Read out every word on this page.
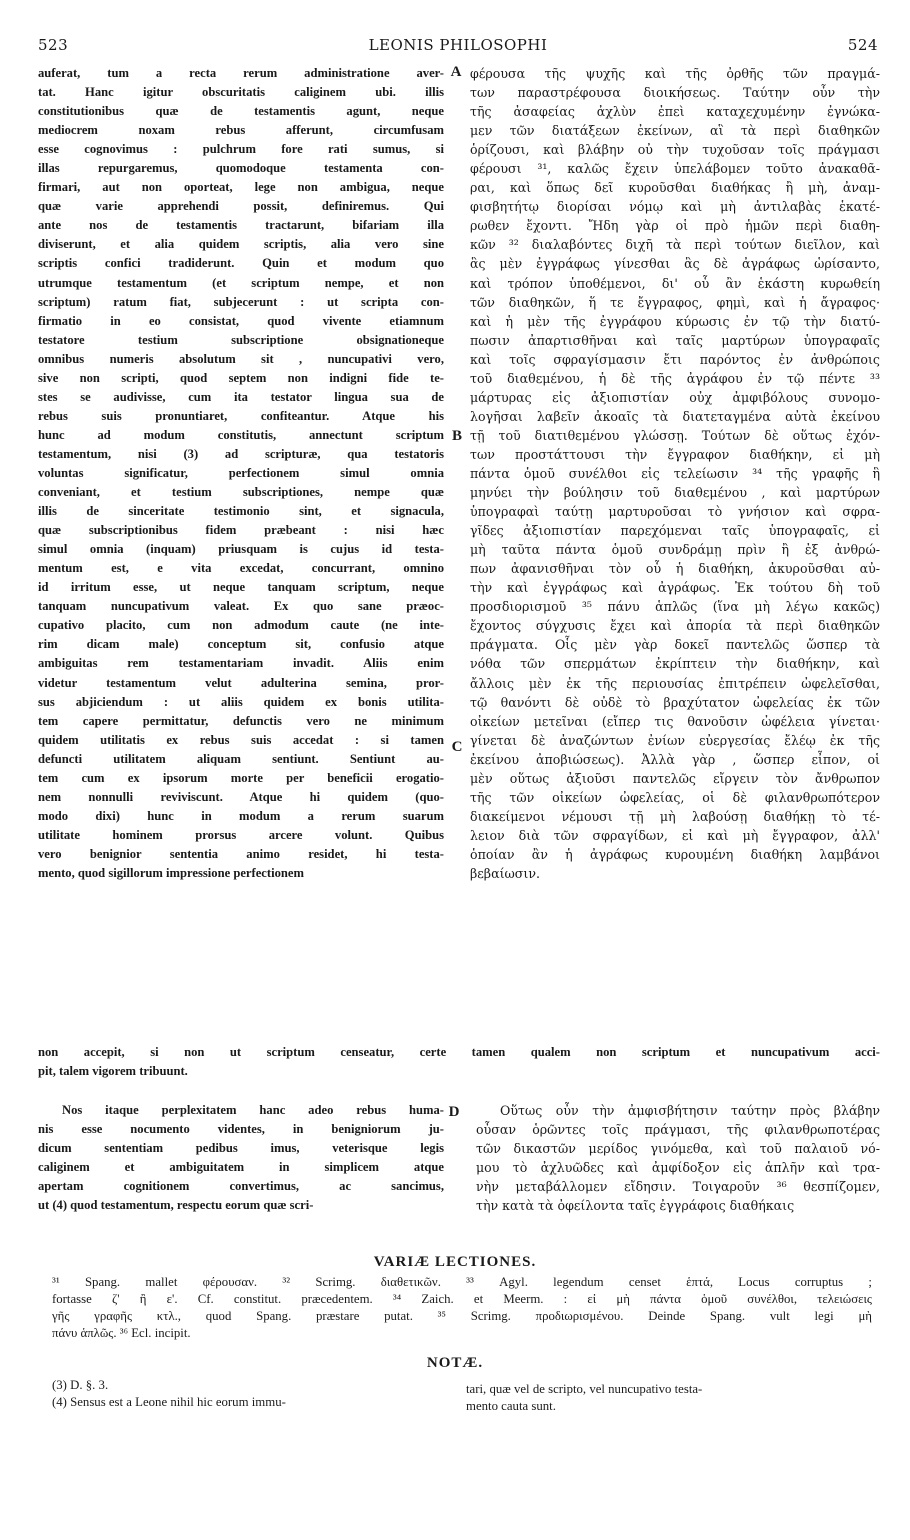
523	LEONIS PHILOSOPHI	524
A
B
C
D
auferat, tum a recta rerum administratione aver-
tat. Hanc igitur obscuritatis caliginem ubi. illis
constitutionibus quæ de testamentis agunt, neque
mediocrem noxam rebus afferunt, circumfusam
esse cognovimus : pulchrum fore rati sumus, si
illas repurgaremus, quomodoque testamenta con-
firmari, aut non oporteat, lege non ambigua, neque
quæ varie apprehendi possit, definiremus. Qui
ante nos de testamentis tractarunt, bifariam illa
diviserunt, et alia quidem scriptis, alia vero sine
scriptis confici tradiderunt. Quin et modum quo
utrumque testamentum (et scriptum nempe, et non
scriptum) ratum fiat, subjecerunt : ut scripta con-
firmatio in eo consistat, quod vivente etiamnum
testatore testium subscriptione obsignationeque
omnibus numeris absolutum sit , nuncupativi vero,
sive non scripti, quod septem non indigni fide te-
stes se audivisse, cum ita testator lingua sua de
rebus suis pronuntiaret, confiteantur. Atque his
hunc ad modum constitutis, annectunt scriptum
testamentum, nisi (3) ad scripturæ, qua testatoris
voluntas significatur, perfectionem simul omnia
conveniant, et testium subscriptiones, nempe quæ
illis de sinceritate testimonio sint, et signacula,
quæ subscriptionibus fidem præbeant : nisi hæc
simul omnia (inquam) priusquam is cujus id testa-
mentum est, e vita excedat, concurrant, omnino
id irritum esse, ut neque tanquam scriptum, neque
tanquam nuncupativum valeat. Ex quo sane præoc-
cupativo placito, cum non admodum caute (ne inte-
rim dicam male) conceptum sit, confusio atque
ambiguitas rem testamentariam invadit. Aliis enim
videtur testamentum velut adulterina semina, pror-
sus abjiciendum : ut aliis quidem ex bonis utilita-
tem capere permittatur, defunctis vero ne minimum
quidem utilitatis ex rebus suis accedat : si tamen
defuncti utilitatem aliquam sentiunt. Sentiunt au-
tem cum ex ipsorum morte per beneficii erogatio-
nem nonnulli reviviscunt. Atque hi quidem (quo-
modo dixi) hunc in modum a rerum suarum
utilitate hominem prorsus arcere volunt. Quibus
vero benignior sententia animo residet, hi testa-
mento, quod sigillorum impressione perfectionem
φέρουσα τῆς ψυχῆς καὶ τῆς ὀρθῆς τῶν πραγμά-
των παραστρέφουσα διοικήσεως. Ταύτην οὖν τὴν
τῆς ἀσαφείας ἀχλὺν ἐπεὶ καταχεχυμένην ἐγνώκα-
μεν τῶν διατάξεων ἐκείνων, αἳ τὰ περὶ διαθηκῶν
ὁρίζουσι, καὶ βλάβην οὐ τὴν τυχοῦσαν τοῖς πράγμασι
φέρουσι ³¹, καλῶς ἔχειν ὑπελάβομεν τοῦτο ἀνακαθᾶ-
ραι, καὶ ὅπως δεῖ κυροῦσθαι διαθήκας ἢ μὴ, ἀναμ-
φισβητήτῳ διορίσαι νόμῳ καὶ μὴ ἀντιλαβὰς ἑκατέ-
ρωθεν ἔχοντι. Ἤδη γὰρ οἱ πρὸ ἡμῶν περὶ διαθη-
κῶν ³² διαλαβόντες διχῆ τὰ περὶ τούτων διεῖλον, καὶ
ἃς μὲν ἐγγράφως γίνεσθαι ἃς δὲ ἀγράφως ὡρίσαντο,
καὶ τρόπον ὑποθέμενοι, δι' οὗ ἂν ἑκάστη κυρωθείη
τῶν διαθηκῶν, ἥ τε ἔγγραφος, φημὶ, καὶ ἡ ἄγραφος·
καὶ ἡ μὲν τῆς ἐγγράφου κύρωσις ἐν τῷ τὴν διατύ-
πωσιν ἀπαρτισθῆναι καὶ ταῖς μαρτύρων ὑπογραφαῖς
καὶ τοῖς σφραγίσμασιν ἔτι παρόντος ἐν ἀνθρώποις
τοῦ διαθεμένου, ἡ δὲ τῆς ἀγράφου ἐν τῷ πέντε ³³
μάρτυρας εἰς ἀξιοπιστίαν οὐχ ἀμφιβόλους συνομο-
λογῆσαι λαβεῖν ἀκοαῖς τὰ διατεταγμένα αὐτὰ ἐκείνου
τῇ τοῦ διατιθεμένου γλώσσῃ. Τούτων δὲ οὕτως ἐχόν-
των προστάττουσι τὴν ἔγγραφον διαθήκην, εἰ μὴ
πάντα ὁμοῦ συνέλθοι εἰς τελείωσιν ³⁴ τῆς γραφῆς ἣ
μηνύει τὴν βούλησιν τοῦ διαθεμένου , καὶ μαρτύρων
ὑπογραφαὶ ταύτῃ μαρτυροῦσαι τὸ γνήσιον καὶ σφρα-
γῖδες ἀξιοπιστίαν παρεχόμεναι ταῖς ὑπογραφαῖς, εἰ
μὴ ταῦτα πάντα ὁμοῦ συνδράμῃ πρὶν ἢ ἐξ ἀνθρώ-
πων ἀφανισθῆναι τὸν οὗ ἡ διαθήκη, ἀκυροῦσθαι αὐ-
τὴν καὶ ἐγγράφως καὶ ἀγράφως. Ἐκ τούτου δὴ τοῦ
προσδιορισμοῦ ³⁵ πάνυ ἁπλῶς (ἵνα μὴ λέγω κακῶς)
ἔχοντος σύγχυσις ἔχει καὶ ἀπορία τὰ περὶ διαθηκῶν
πράγματα. Οἷς μὲν γὰρ δοκεῖ παντελῶς ὥσπερ τὰ
νόθα τῶν σπερμάτων ἐκρίπτειν τὴν διαθήκην, καὶ
ἄλλοις μὲν ἐκ τῆς περιουσίας ἐπιτρέπειν ὠφελεῖσθαι,
τῷ θανόντι δὲ οὐδὲ τὸ βραχύτατον ὠφελείας ἐκ τῶν
οἰκείων μετεῖναι (εἴπερ τις θανοῦσιν ὠφέλεια γίνεται·
γίνεται δὲ ἀναζώντων ἐνίων εὐεργεσίας ἔλέῳ ἐκ τῆς
ἐκείνου ἀποβιώσεως). Ἀλλὰ γὰρ , ὥσπερ εἶπον, οἱ
μὲν οὕτως ἀξιοῦσι παντελῶς εἴργειν τὸν ἄνθρωπον
τῆς τῶν οἰκείων ὠφελείας, οἱ δὲ φιλανθρωπότερον
διακείμενοι νέμουσι τῇ μὴ λαβούσῃ διαθήκῃ τὸ τέ-
λειον διὰ τῶν σφραγίδων, εἰ καὶ μὴ ἔγγραφον, ἀλλ'
ὁποίαν ἂν ἡ ἀγράφως κυρουμένη διαθήκη λαμβάνοι
βεβαίωσιν.
non accepit, si non ut scriptum censeatur, certe tamen qualem non scriptum et nuncupativum acci-
pit, talem vigorem tribuunt.
Nos itaque perplexitatem hanc adeo rebus huma-
nis esse nocumento videntes, in benigniorum ju-
dicum sententiam pedibus imus, veterisque legis
caliginem et ambiguitatem in simplicem atque
apertam cognitionem convertimus, ac sancimus,
ut (4) quod testamentum, respectu eorum quæ scri-
Οὕτως οὖν τὴν ἀμφισβήτησιν ταύτην πρὸς βλάβην
οὖσαν ὁρῶντες τοῖς πράγμασι, τῆς φιλανθρωποτέρας
τῶν δικαστῶν μερίδος γινόμεθα, καὶ τοῦ παλαιοῦ νό-
μου τὸ ἀχλυῶδες καὶ ἀμφίδοξον εἰς ἁπλῆν καὶ τρα-
νὴν μεταβάλλομεν εἴδησιν. Τοιγαροῦν ³⁶ θεσπίζομεν,
τὴν κατὰ τὰ ὀφείλοντα ταῖς ἐγγράφοις διαθήκαις
VARIÆ LECTIONES.
³¹ Spang. mallet φέρουσαν. ³² Scrimg. διαθετικῶν. ³³ Agyl. legendum censet ἑπτά, Locus corruptus ;
fortasse ζ' ἢ ε'. Cf. constitut. præcedentem. ³⁴ Zaich. et Meerm. : εἰ μὴ πάντα ὁμοῦ συνέλθοι, τελειώσεις
γῆς γραφῆς κτλ., quod Spang. præstare putat. ³⁵ Scrimg. προδιωρισμένου. Deinde Spang. vult legi μὴ
πάνυ ἁπλῶς. ³⁶ Ecl. incipit.
NOTÆ.
(3) D. §. 3.
(4) Sensus est a Leone nihil hic eorum immu-
tari, quæ vel de scripto, vel nuncupativo testa-
mento cauta sunt.
